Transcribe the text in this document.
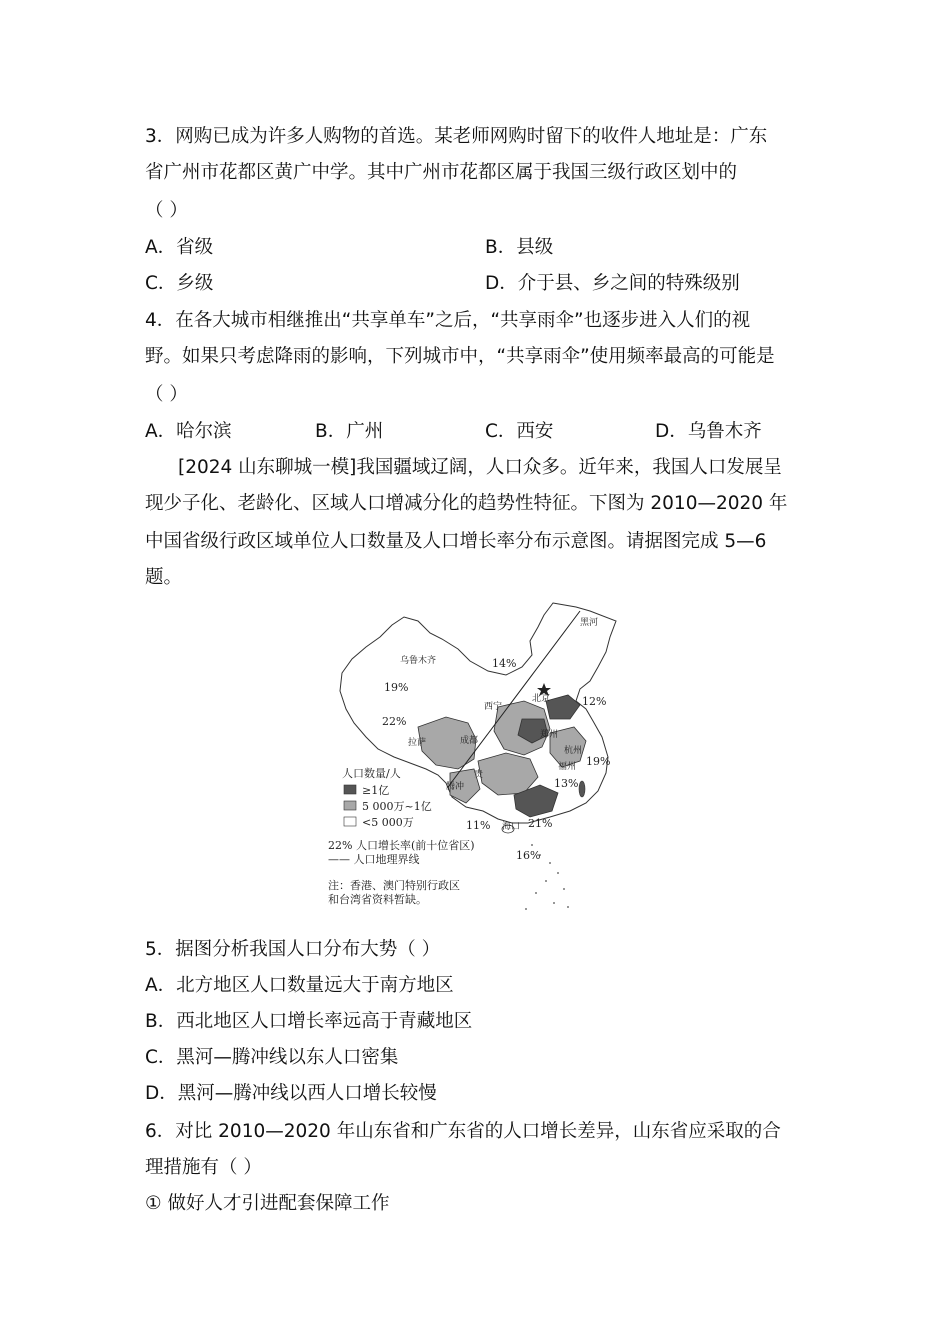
3．网购已成为许多人购物的首选。某老师网购时留下的收件人地址是：广东
省广州市花都区黄广中学。其中广州市花都区属于我国三级行政区划中的
（ ）
A．省级	B．县级
C．乡级	D．介于县、乡之间的特殊级别
4．在各大城市相继推出“共享单车”之后，“共享雨伞”也逐步进入人们的视
野。如果只考虑降雨的影响，下列城市中，“共享雨伞”使用频率最高的可能是
（ ）
A．哈尔滨	B．广州	C．西安	D．乌鲁木齐
[2024 山东聊城一模]我国疆域辽阔，人口众多。近年来，我国人口发展呈
现少子化、老龄化、区域人口增减分化的趋势性特征。下图为 2010—2020 年
中国省级行政区域单位人口数量及人口增长率分布示意图。请据图完成 5—6
题。
黑河
乌鲁木齐
拉萨	成都
郑州
杭州
腾冲
海口
西宁
北京
贵
福州
14%
19%
22%
12%
19%
13%
11%	21%
16%
人口数量/人
≥1亿
5 000万~1亿
<5 000万
22% 人口增长率(前十位省区)
—— 人口地理界线
注：香港、澳门特别行政区
和台湾省资料暂缺。
5．据图分析我国人口分布大势（ ）
A．北方地区人口数量远大于南方地区
B．西北地区人口增长率远高于青藏地区
C．黑河—腾冲线以东人口密集
D．黑河—腾冲线以西人口增长较慢
6．对比 2010—2020 年山东省和广东省的人口增长差异，山东省应采取的合
理措施有（ ）
① 做好人才引进配套保障工作
